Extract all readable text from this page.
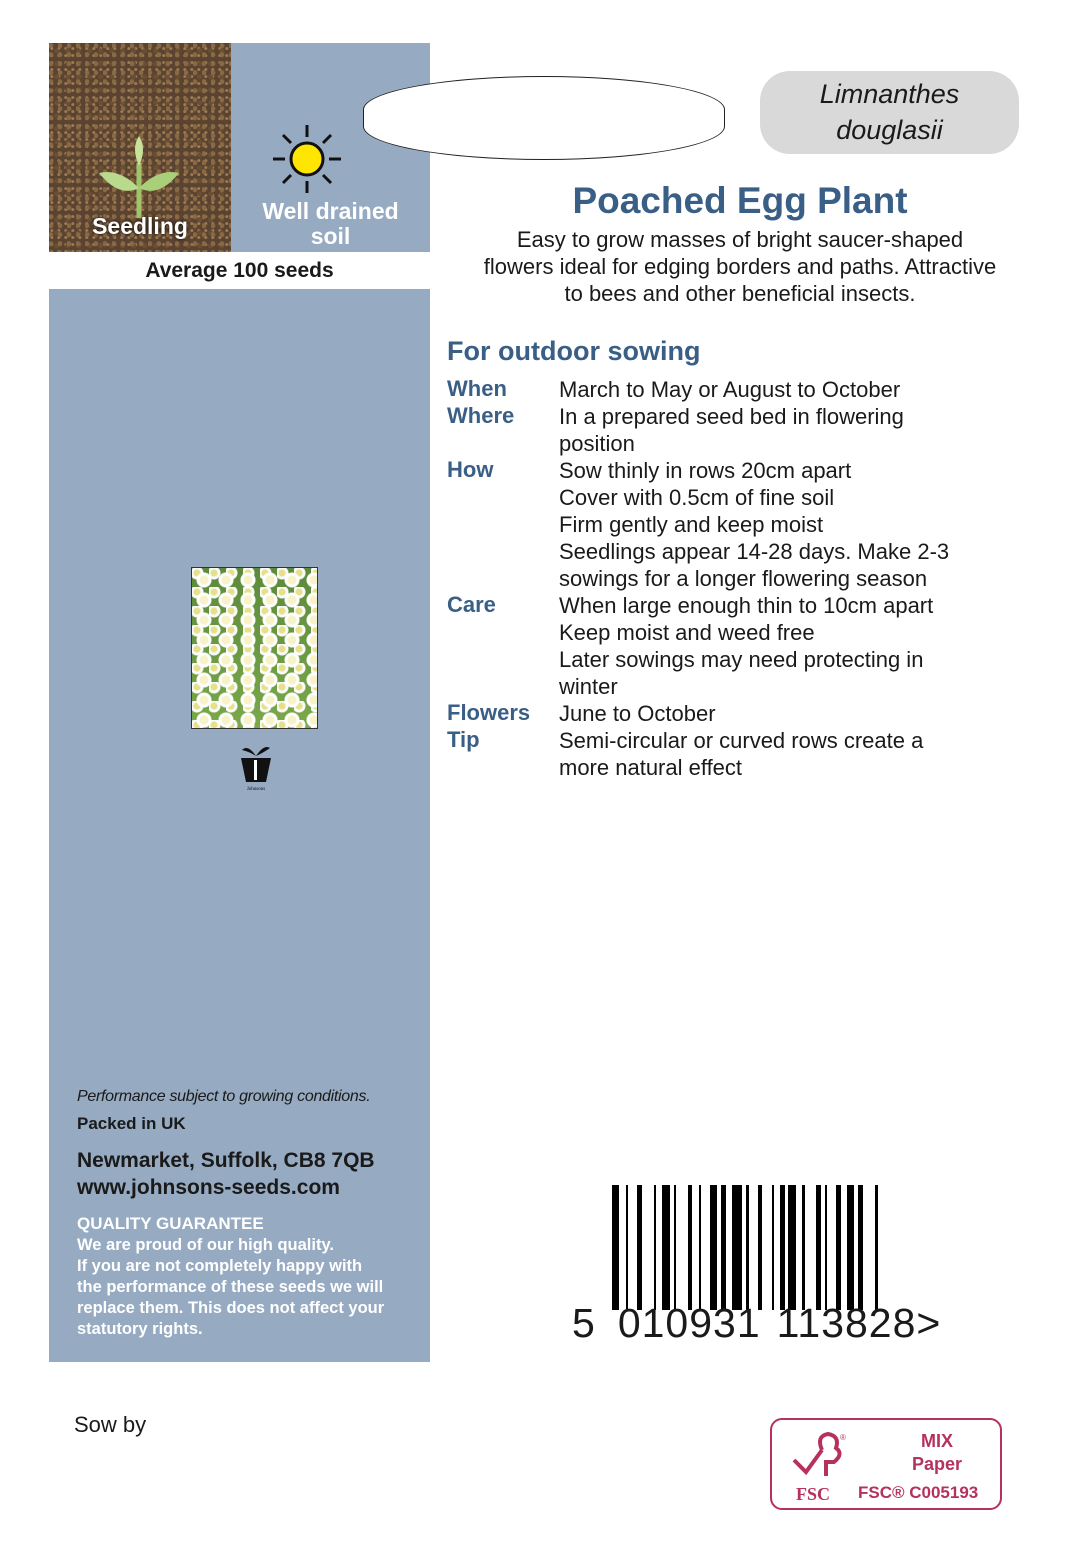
Seedling
Well drained
soil
Average 100 seeds
Johnsons
Performance subject to growing conditions.
Packed in UK
Newmarket, Suffolk, CB8 7QB
www.johnsons-seeds.com
QUALITY GUARANTEE
We are proud of our high quality.
If you are not completely happy with
the performance of these seeds we will
replace them. This does not affect your
statutory rights.
Sow by
Limnanthes
douglasii
Poached Egg Plant
Easy to grow masses of bright saucer-shaped
flowers ideal for edging borders and paths. Attractive
to bees and other beneficial insects.
For outdoor sowing
When March to May or August to October
Where In a prepared seed bed in flowering
position
How	Sow thinly in rows 20cm apart
Cover with 0.5cm of fine soil
Firm gently and keep moist
Seedlings appear 14-28 days. Make 2-3
sowings for a longer flowering season
Care	When large enough thin to 10cm apart
Keep moist and weed free
Later sowings may need protecting in
winter
Flowers June to October
Tip	Semi-circular or curved rows create a
more natural effect
5 010931 113828>
®
FSC
MIX
Paper
FSC® C005193
